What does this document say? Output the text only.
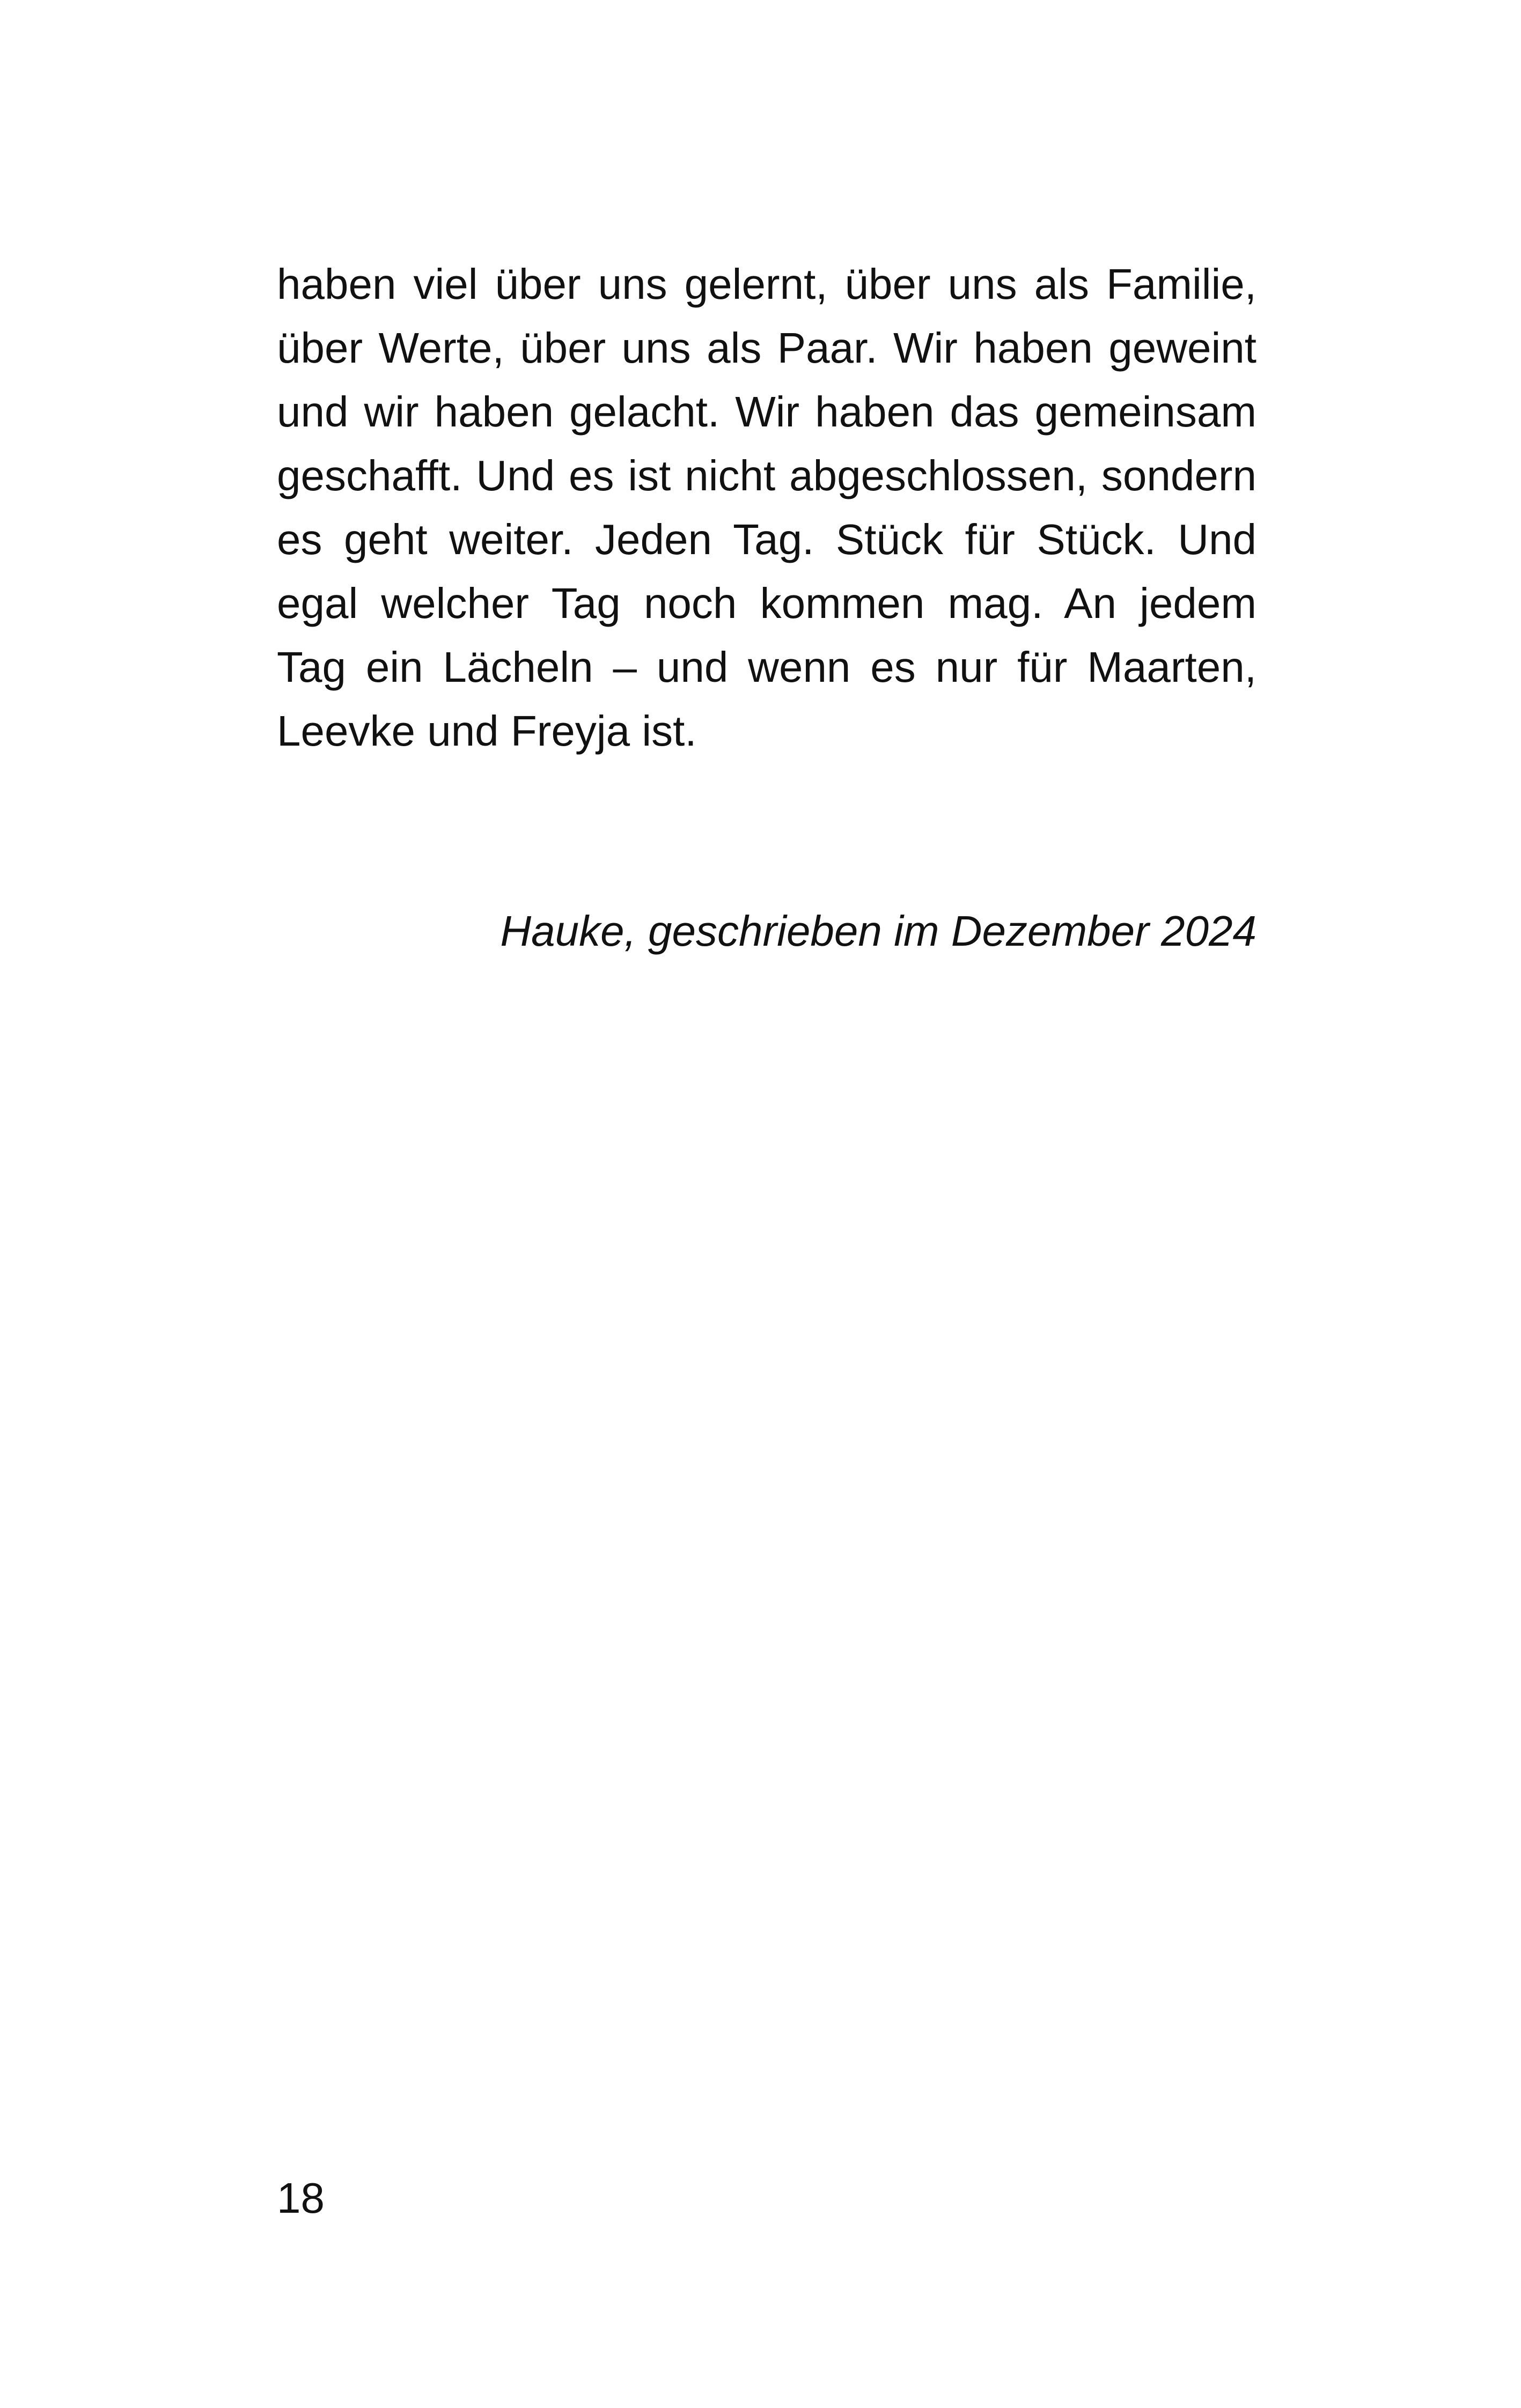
haben viel über uns gelernt, über uns als Familie,
über Werte, über uns als Paar. Wir haben geweint
und wir haben gelacht. Wir haben das gemeinsam
geschafft. Und es ist nicht abgeschlossen, sondern
es geht weiter. Jeden Tag. Stück für Stück. Und
egal welcher Tag noch kommen mag. An jedem
Tag ein Lächeln – und wenn es nur für Maarten,
Leevke und Freyja ist.

Hauke, geschrieben im Dezember 2024
18
